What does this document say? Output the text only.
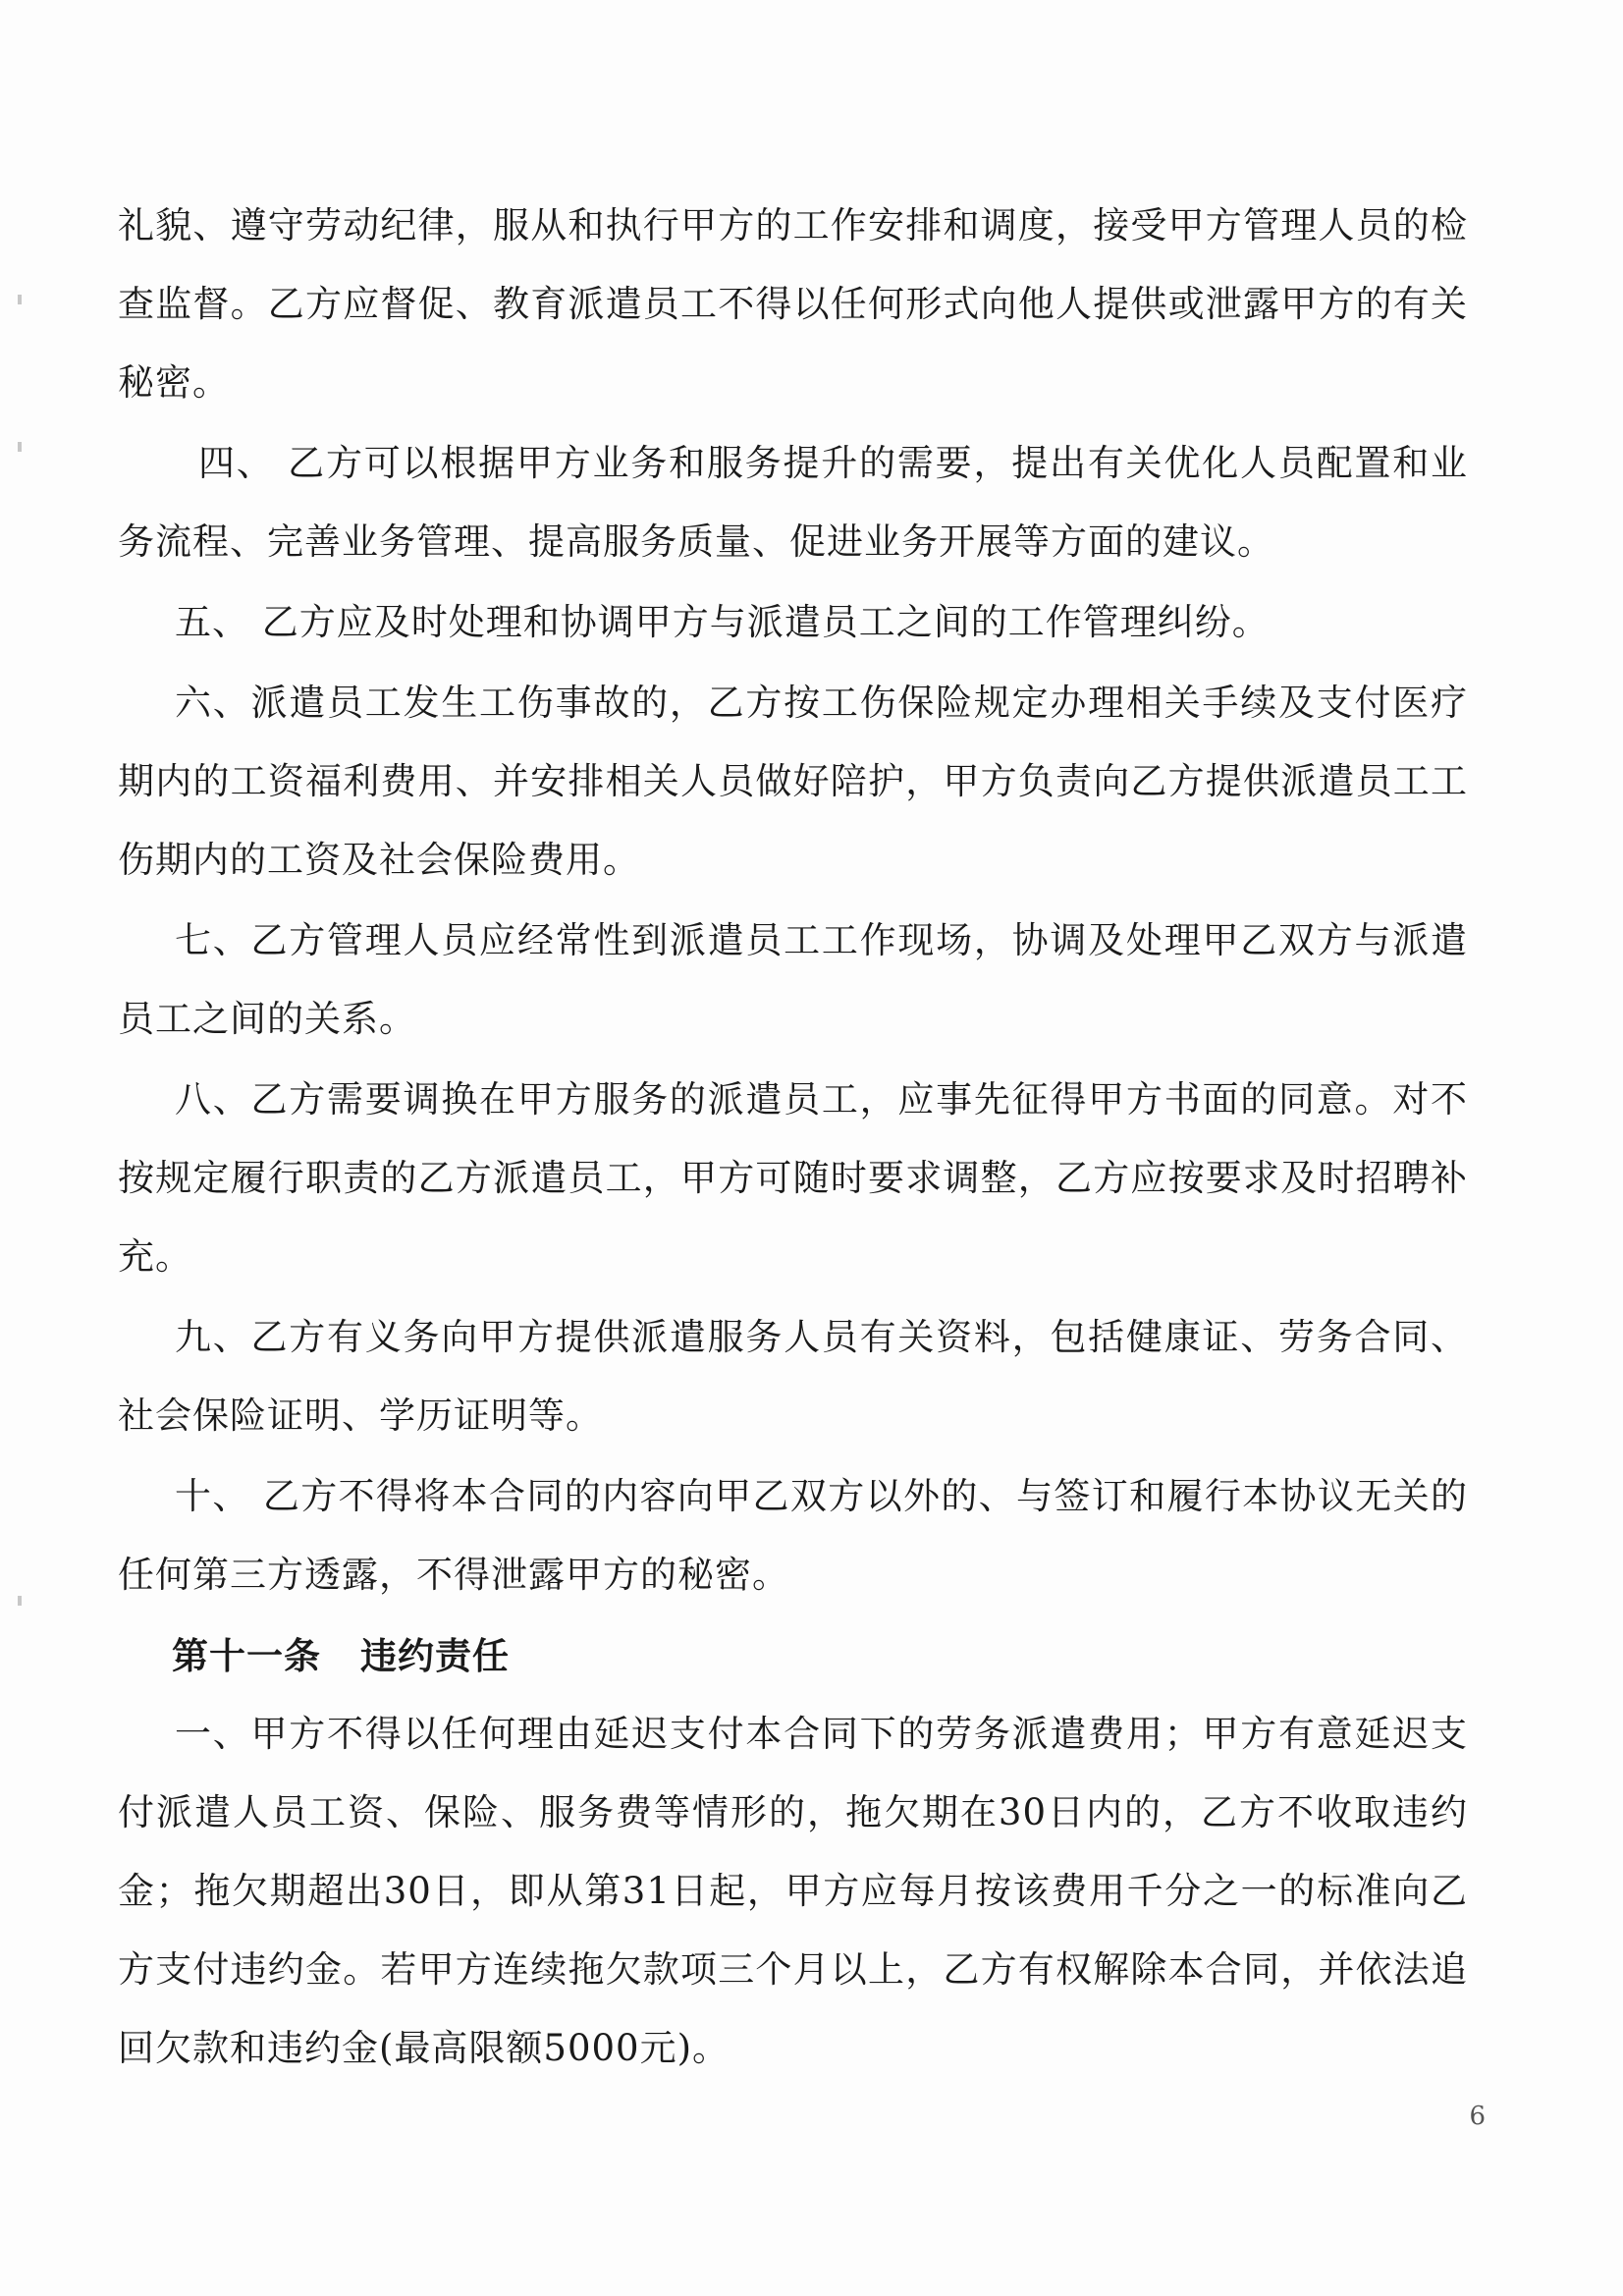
礼貌、遵守劳动纪律，服从和执行甲方的工作安排和调度，接受甲方管理人员的检查监督。乙方应督促、教育派遣员工不得以任何形式向他人提供或泄露甲方的有关秘密。

四、 乙方可以根据甲方业务和服务提升的需要，提出有关优化人员配置和业务流程、完善业务管理、提高服务质量、促进业务开展等方面的建议。

五、 乙方应及时处理和协调甲方与派遣员工之间的工作管理纠纷。

六、派遣员工发生工伤事故的，乙方按工伤保险规定办理相关手续及支付医疗期内的工资福利费用、并安排相关人员做好陪护，甲方负责向乙方提供派遣员工工伤期内的工资及社会保险费用。

七、乙方管理人员应经常性到派遣员工工作现场，协调及处理甲乙双方与派遣员工之间的关系。

八、乙方需要调换在甲方服务的派遣员工，应事先征得甲方书面的同意。对不按规定履行职责的乙方派遣员工，甲方可随时要求调整，乙方应按要求及时招聘补充。

九、乙方有义务向甲方提供派遣服务人员有关资料，包括健康证、劳务合同、社会保险证明、学历证明等。

十、 乙方不得将本合同的内容向甲乙双方以外的、与签订和履行本协议无关的任何第三方透露，不得泄露甲方的秘密。

第十一条 违约责任

一、甲方不得以任何理由延迟支付本合同下的劳务派遣费用；甲方有意延迟支付派遣人员工资、保险、服务费等情形的，拖欠期在30日内的，乙方不收取违约金；拖欠期超出30日，即从第31日起，甲方应每月按该费用千分之一的标准向乙方支付违约金。若甲方连续拖欠款项三个月以上，乙方有权解除本合同，并依法追回欠款和违约金(最高限额5000元)。

6
